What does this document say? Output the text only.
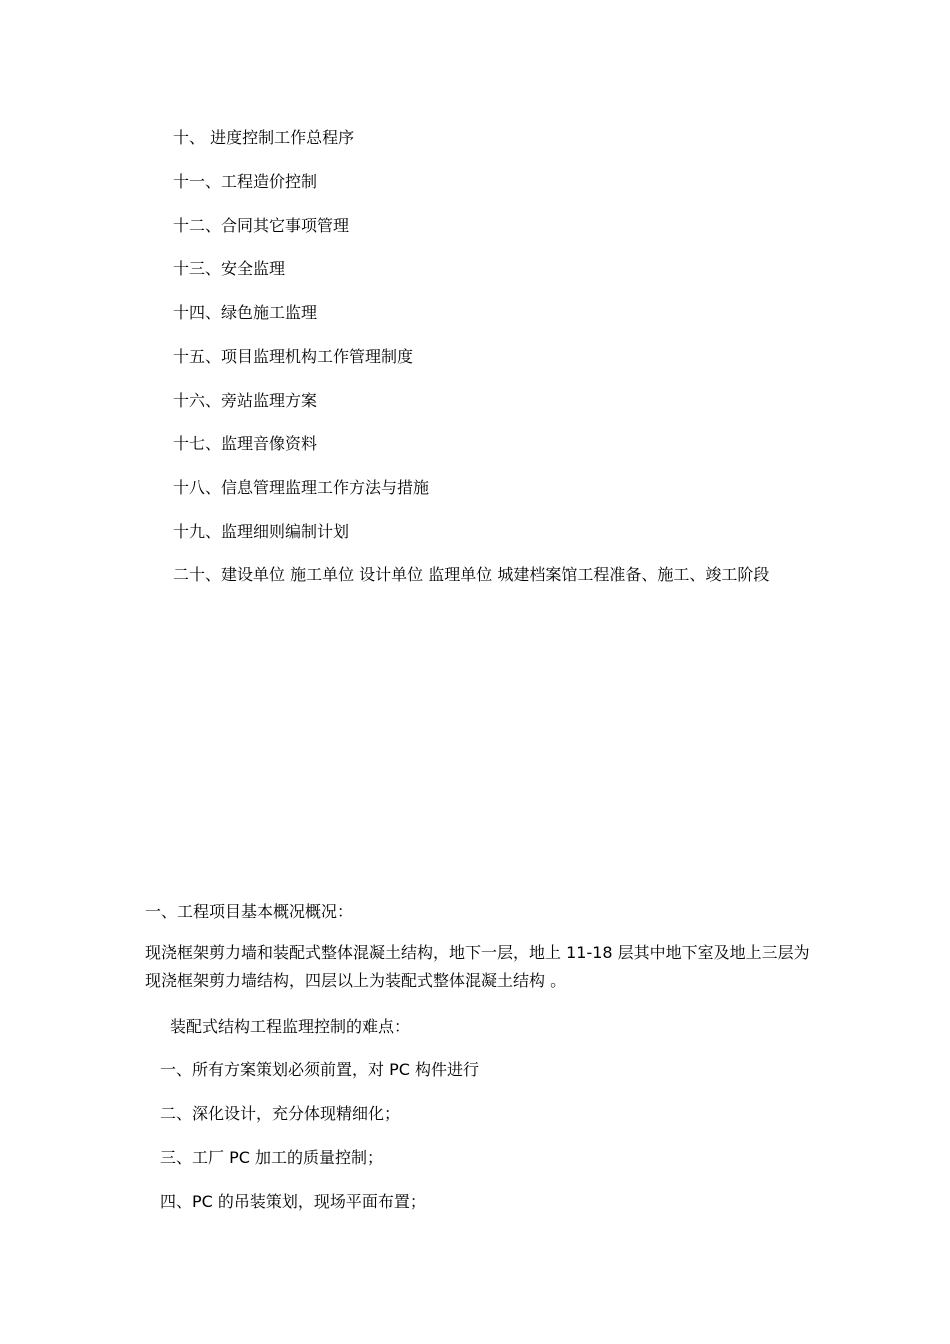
十、 进度控制工作总程序
十一、工程造价控制
十二、合同其它事项管理
十三、安全监理
十四、绿色施工监理
十五、项目监理机构工作管理制度
十六、旁站监理方案
十七、监理音像资料
十八、信息管理监理工作方法与措施
十九、监理细则编制计划
二十、建设单位 施工单位 设计单位 监理单位 城建档案馆工程准备、施工、竣工阶段
一、工程项目基本概况概况：
现浇框架剪力墙和装配式整体混凝土结构，地下一层，地上 11-18 层其中地下室及地上三层为现浇框架剪力墙结构，四层以上为装配式整体混凝土结构 。
装配式结构工程监理控制的难点：
一、所有方案策划必须前置，对 PC 构件进行
二、深化设计，充分体现精细化；
三、工厂 PC 加工的质量控制；
四、PC 的吊装策划，现场平面布置；
